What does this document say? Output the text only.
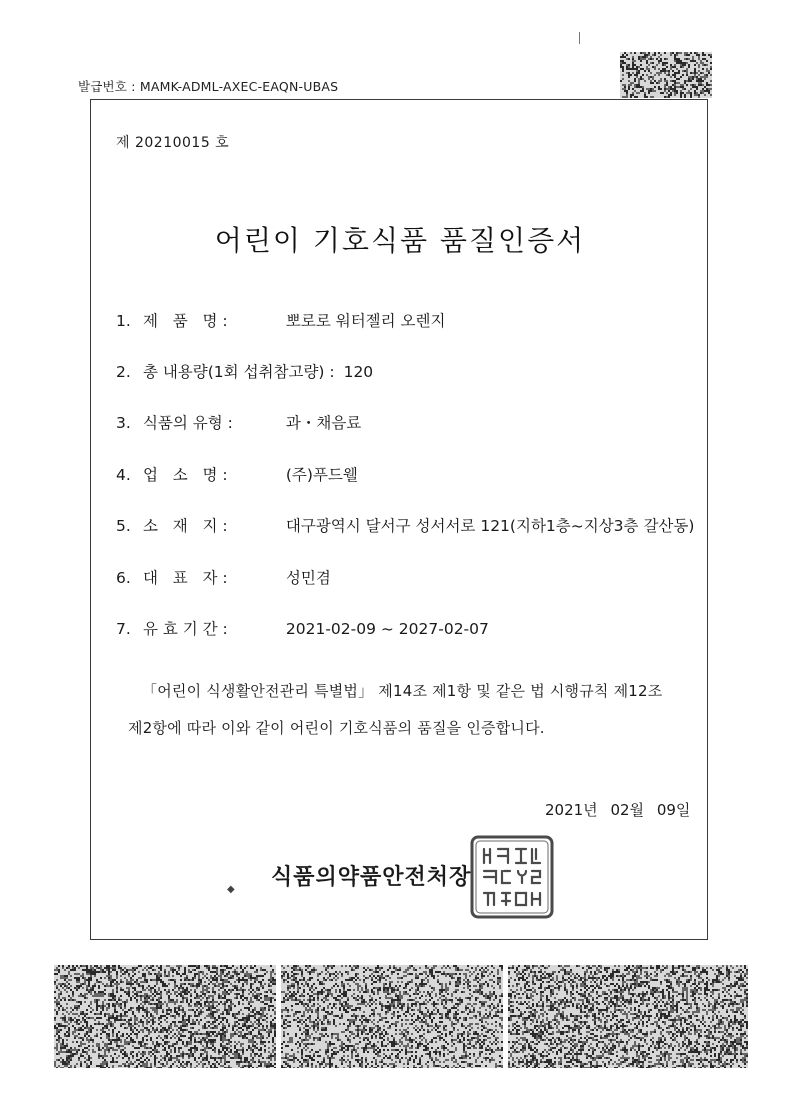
발급번호 : MAMK-ADML-AXEC-EAQN-UBAS
제 20210015 호
어린이 기호식품 품질인증서
1. 제   품   명 :	뽀로로 워터젤리 오렌지
2. 총 내용량(1회 섭취참고량) : 120
3. 식품의 유형 :	과・채음료
4. 업   소   명 :	(주)푸드웰
5. 소   재   지 :	대구광역시 달서구 성서서로 121(지하1층~지상3층 갈산동)
6. 대   표   자 :	성민겸
7. 유 효 기 간 :	2021-02-09 ~ 2027-02-07
「어린이 식생활안전관리 특별법」 제14조 제1항 및 같은 법 시행규칙 제12조
제2항에 따라 이와 같이 어린이 기호식품의 품질을 인증합니다.
2021년 02월 09일
◆ 식품의약품안전처장
